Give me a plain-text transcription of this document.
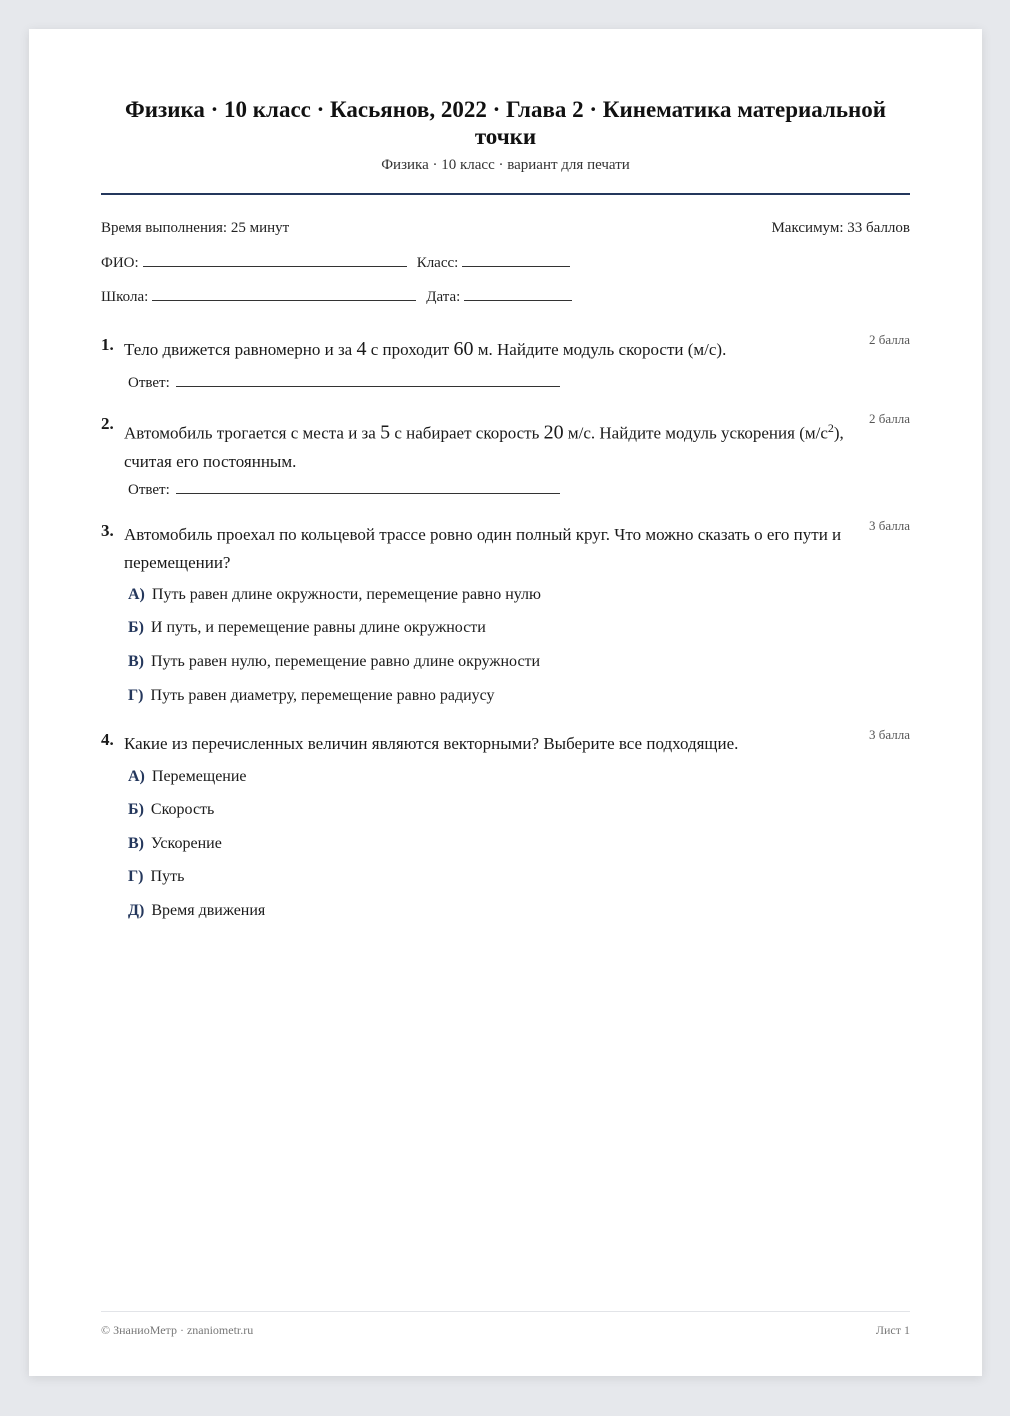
Физика · 10 класс · Касьянов, 2022 · Глава 2 · Кинематика материальной точки
Физика · 10 класс · вариант для печати
Время выполнения: 25 минут	Максимум: 33 баллов
ФИО:	Класс:
Школа:	Дата:
1. Тело движется равномерно и за 4 с проходит 60 м. Найдите модуль скорости (м/с).
2 балла
Ответ:
2.
Автомобиль трогается с места и за 5 с набирает скорость 20 м/с. Найдите модуль ускорения $(м/с^2)$, считая его постоянным.
2 балла
Ответ:
3. Автомобиль проехал по кольцевой трассе ровно один полный круг. Что можно сказать о его пути и перемещении?
3 балла
А) Путь равен длине окружности, перемещение равно нулю
Б) И путь, и перемещение равны длине окружности
В) Путь равен нулю, перемещение равно длине окружности
Г) Путь равен диаметру, перемещение равно радиусу
4. Какие из перечисленных величин являются векторными? Выберите все подходящие.	3 балла
А) Перемещение
Б) Скорость
В) Ускорение
Г) Путь
Д) Время движения
© ЗнаниоМетр · znaniometr.ru	Лист 1
